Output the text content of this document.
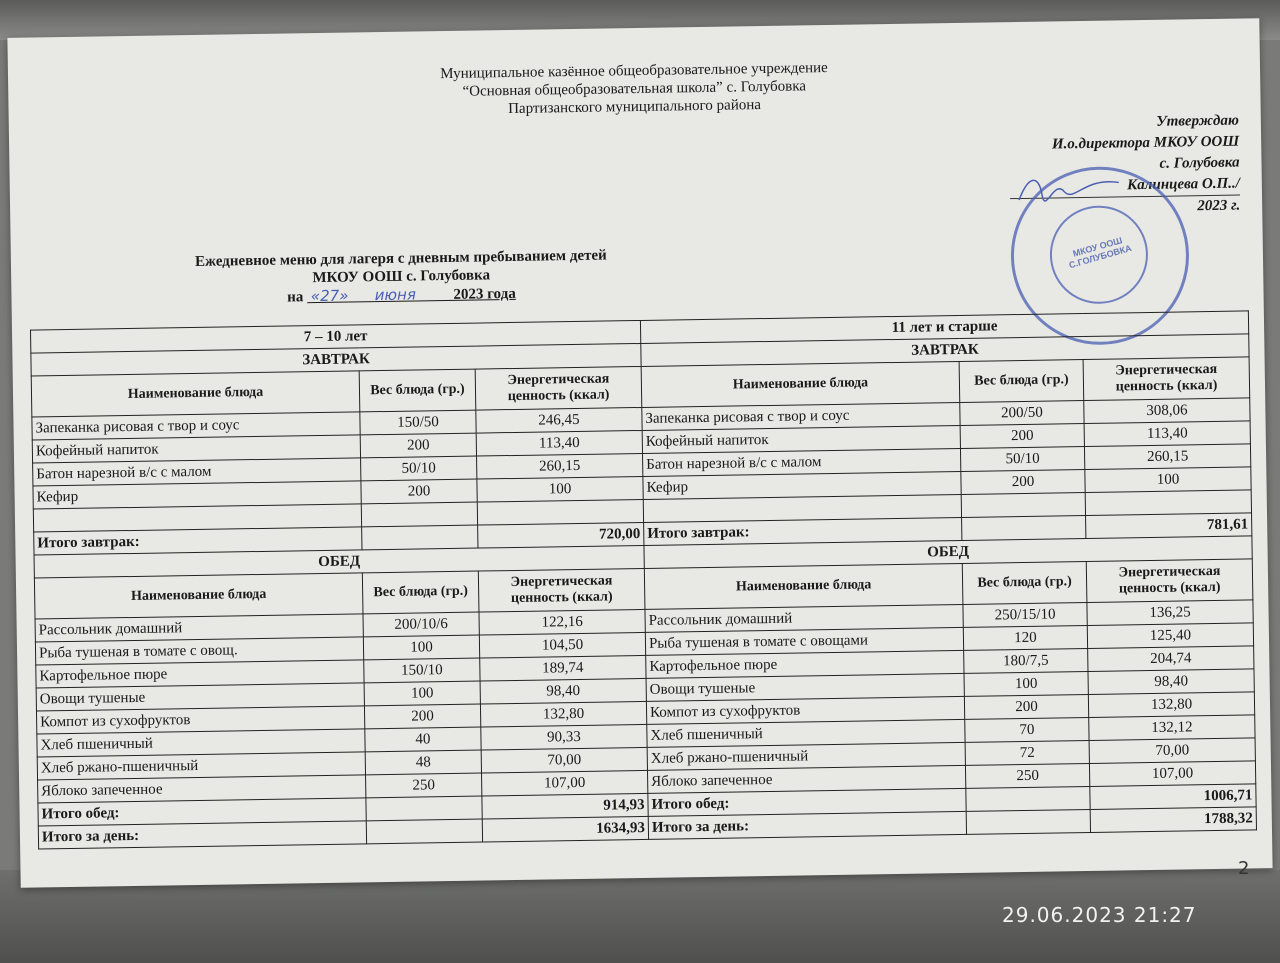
Муниципальное казённое общеобразовательное учреждение
“Основная общеобразовательная школа” с. Голубовка
Партизанского муниципального района
Утверждаю
И.о.директора МКОУ ООШ
с. Голубовка
Калинцева О.П../
2023 г.
МКОУ ООШ С.ГОЛУБОВКА
Ежедневное меню для лагеря с дневным пребыванием детей
МКОУ ООШ с. Голубовка
на «27» июня 2023 года
7 – 10 лет			11 лет и старше		
ЗАВТРАК			ЗАВТРАК		
Наименование блюда	Вес блюда (гр.)	Энергетическая ценность (ккал)	Наименование блюда	Вес блюда (гр.)	Энергетическая ценность (ккал)
Запеканка рисовая с твор и соус	150/50	246,45	Запеканка рисовая с твор и соус	200/50	308,06
Кофейный напиток	200	113,40	Кофейный напиток	200	113,40
Батон нарезной в/с с малом	50/10	260,15	Батон нарезной в/с с малом	50/10	260,15
Кефир	200	100	Кефир	200	100

Итого завтрак:		720,00	Итого завтрак:		781,61
ОБЕД			ОБЕД		
Наименование блюда	Вес блюда (гр.)	Энергетическая ценность (ккал)	Наименование блюда	Вес блюда (гр.)	Энергетическая ценность (ккал)
Рассольник домашний	200/10/6	122,16	Рассольник домашний	250/15/10	136,25
Рыба тушеная в томате с овощ.	100	104,50	Рыба тушеная в томате с овощами	120	125,40
Картофельное пюре	150/10	189,74	Картофельное пюре	180/7,5	204,74
Овощи тушеные	100	98,40	Овощи тушеные	100	98,40
Компот из сухофруктов	200	132,80	Компот из сухофруктов	200	132,80
Хлеб пшеничный	40	90,33	Хлеб пшеничный	70	132,12
Хлеб ржано-пшеничный	48	70,00	Хлеб ржано-пшеничный	72	70,00
Яблоко запеченное	250	107,00	Яблоко запеченное	250	107,00
Итого обед:		914,93	Итого обед:		1006,71
Итого за день:		1634,93	Итого за день:		1788,32
2
29.06.2023 21:27
